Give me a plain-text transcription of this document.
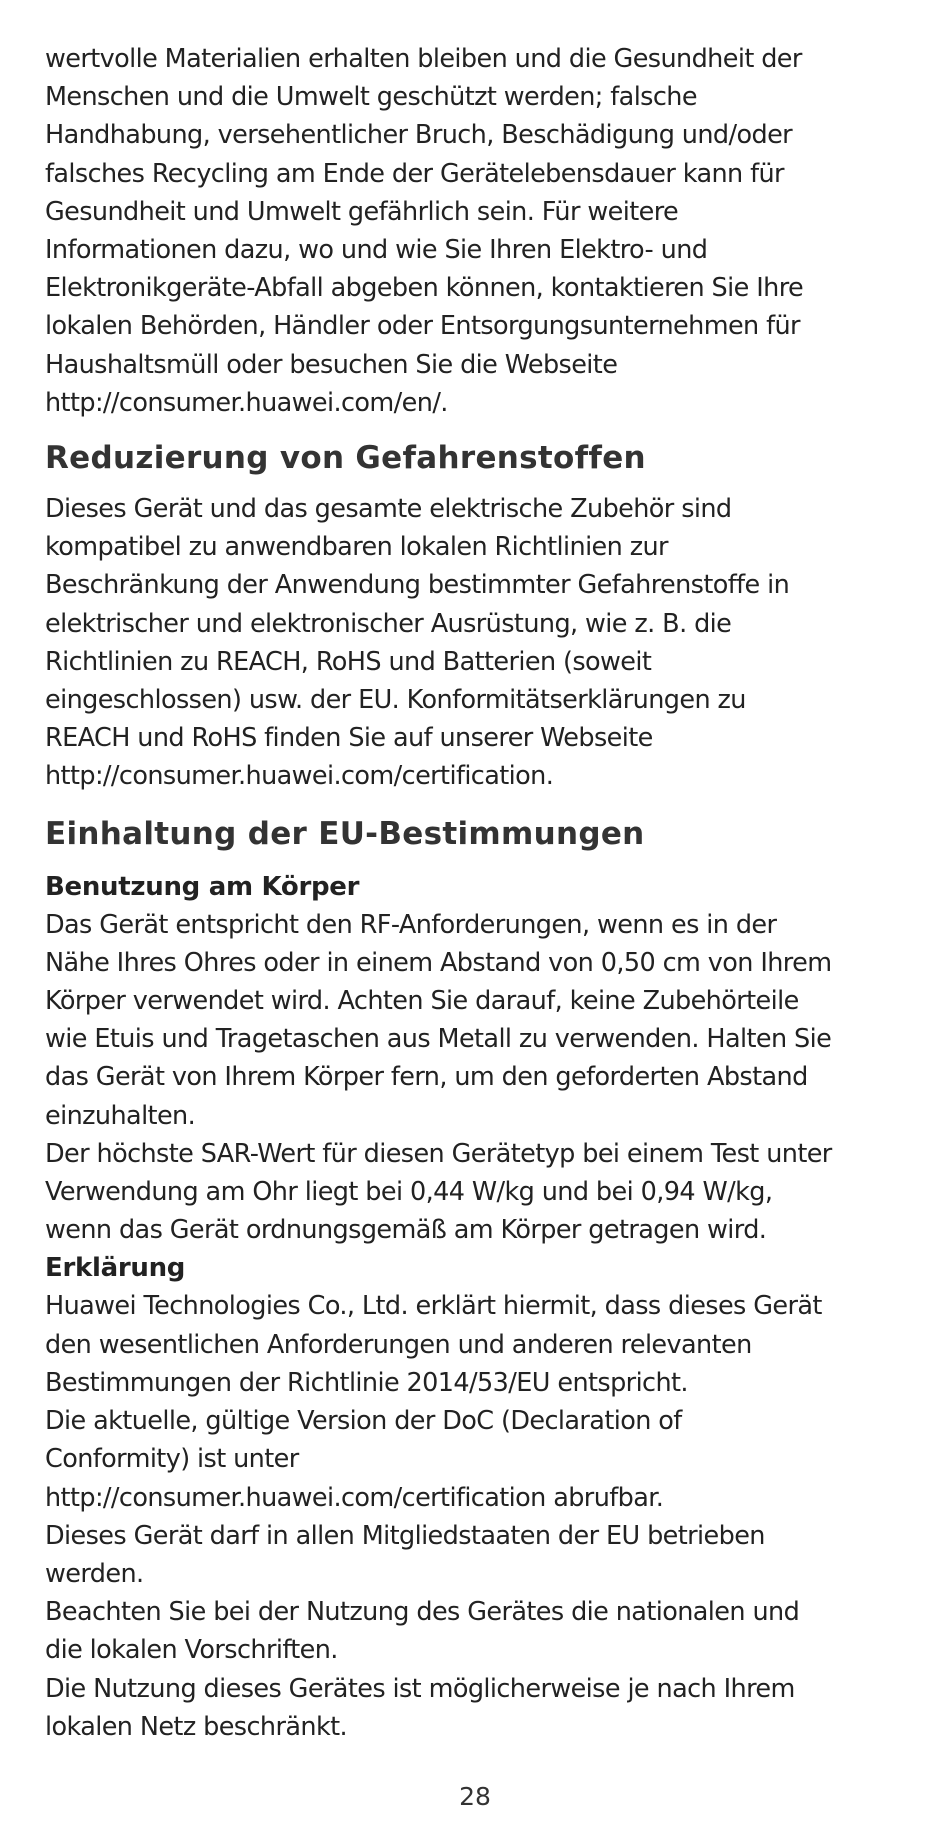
wertvolle Materialien erhalten bleiben und die Gesundheit der
Menschen und die Umwelt geschützt werden; falsche
Handhabung, versehentlicher Bruch, Beschädigung und/oder
falsches Recycling am Ende der Gerätelebensdauer kann für
Gesundheit und Umwelt gefährlich sein. Für weitere
Informationen dazu, wo und wie Sie Ihren Elektro- und
Elektronikgeräte-Abfall abgeben können, kontaktieren Sie Ihre
lokalen Behörden, Händler oder Entsorgungsunternehmen für
Haushaltsmüll oder besuchen Sie die Webseite
http://consumer.huawei.com/en/.
Reduzierung von Gefahrenstoffen
Dieses Gerät und das gesamte elektrische Zubehör sind
kompatibel zu anwendbaren lokalen Richtlinien zur
Beschränkung der Anwendung bestimmter Gefahrenstoffe in
elektrischer und elektronischer Ausrüstung, wie z. B. die
Richtlinien zu REACH, RoHS und Batterien (soweit
eingeschlossen) usw. der EU. Konformitätserklärungen zu
REACH und RoHS finden Sie auf unserer Webseite
http://consumer.huawei.com/certification.
Einhaltung der EU-Bestimmungen
Benutzung am Körper
Das Gerät entspricht den RF-Anforderungen, wenn es in der
Nähe Ihres Ohres oder in einem Abstand von 0,50 cm von Ihrem
Körper verwendet wird. Achten Sie darauf, keine Zubehörteile
wie Etuis und Tragetaschen aus Metall zu verwenden. Halten Sie
das Gerät von Ihrem Körper fern, um den geforderten Abstand
einzuhalten.
Der höchste SAR-Wert für diesen Gerätetyp bei einem Test unter
Verwendung am Ohr liegt bei 0,44 W/kg und bei 0,94 W/kg,
wenn das Gerät ordnungsgemäß am Körper getragen wird.
Erklärung
Huawei Technologies Co., Ltd. erklärt hiermit, dass dieses Gerät
den wesentlichen Anforderungen und anderen relevanten
Bestimmungen der Richtlinie 2014/53/EU entspricht.
Die aktuelle, gültige Version der DoC (Declaration of
Conformity) ist unter
http://consumer.huawei.com/certification abrufbar.
Dieses Gerät darf in allen Mitgliedstaaten der EU betrieben
werden.
Beachten Sie bei der Nutzung des Gerätes die nationalen und
die lokalen Vorschriften.
Die Nutzung dieses Gerätes ist möglicherweise je nach Ihrem
lokalen Netz beschränkt.
28
